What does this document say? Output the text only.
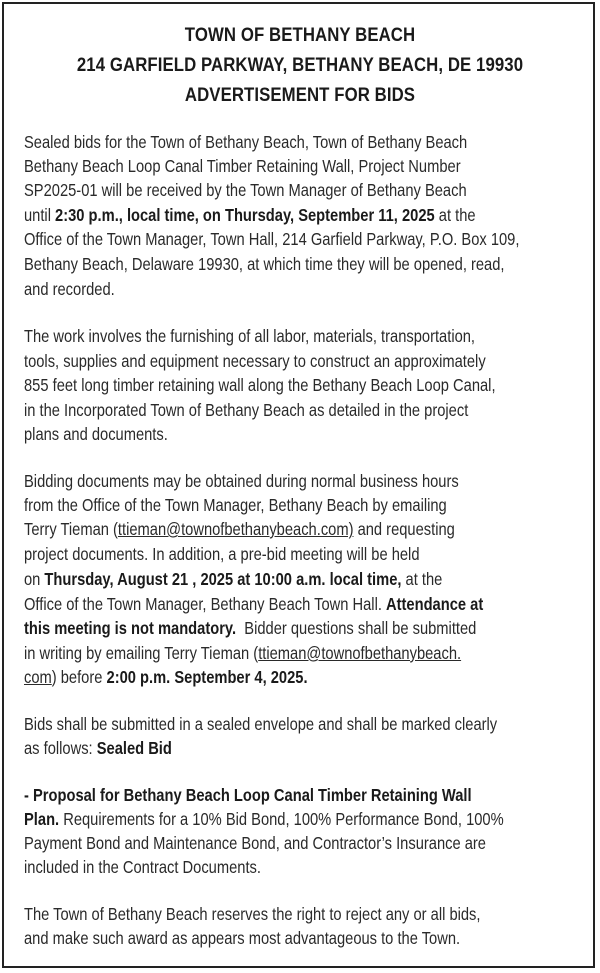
TOWN OF BETHANY BEACH
214 GARFIELD PARKWAY, BETHANY BEACH, DE 19930
ADVERTISEMENT FOR BIDS
Sealed bids for the Town of Bethany Beach, Town of Bethany Beach
Bethany Beach Loop Canal Timber Retaining Wall, Project Number
SP2025-01 will be received by the Town Manager of Bethany Beach
until 2:30 p.m., local time, on Thursday, September 11, 2025 at the
Office of the Town Manager, Town Hall, 214 Garfield Parkway, P.O. Box 109,
Bethany Beach, Delaware 19930, at which time they will be opened, read,
and recorded.
The work involves the furnishing of all labor, materials, transportation,
tools, supplies and equipment necessary to construct an approximately
855 feet long timber retaining wall along the Bethany Beach Loop Canal,
in the Incorporated Town of Bethany Beach as detailed in the project
plans and documents.
Bidding documents may be obtained during normal business hours
from the Office of the Town Manager, Bethany Beach by emailing
Terry Tieman (ttieman@townofbethanybeach.com) and requesting
project documents. In addition, a pre-bid meeting will be held
on Thursday, August 21 , 2025 at 10:00 a.m. local time, at the
Office of the Town Manager, Bethany Beach Town Hall. Attendance at
this meeting is not mandatory.  Bidder questions shall be submitted
in writing by emailing Terry Tieman (ttieman@townofbethanybeach.
com) before 2:00 p.m. September 4, 2025.
Bids shall be submitted in a sealed envelope and shall be marked clearly
as follows: Sealed Bid
- Proposal for Bethany Beach Loop Canal Timber Retaining Wall
Plan. Requirements for a 10% Bid Bond, 100% Performance Bond, 100%
Payment Bond and Maintenance Bond, and Contractor’s Insurance are
included in the Contract Documents.
The Town of Bethany Beach reserves the right to reject any or all bids,
and make such award as appears most advantageous to the Town.
